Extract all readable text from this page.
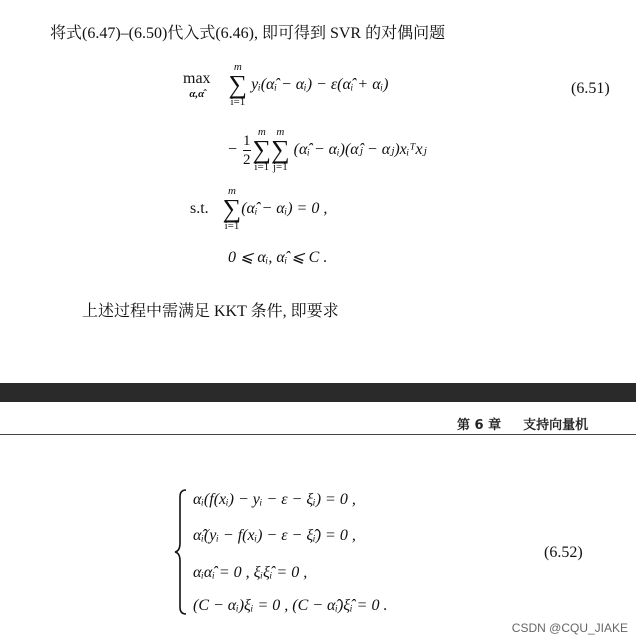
将式(6.47)–(6.50)代入式(6.46), 即可得到 SVR 的对偶问题
max
α,α̂
m
∑
i=1
yᵢ(α̂ᵢ − αᵢ) − ε(α̂ᵢ + αᵢ)	(6.51)
− $\frac{1}{2}$
m
∑
i=1
m
∑
j=1
(α̂ᵢ − αᵢ)(α̂ⱼ − αⱼ)xᵢᵀxⱼ
s.t.
m
∑
i=1
(α̂ᵢ − αᵢ) = 0 ,
0 ⩽ αᵢ, α̂ᵢ ⩽ C .
上述过程中需满足 KKT 条件, 即要求
第 6 章 支持向量机
αᵢ(f(xᵢ) − yᵢ − ε − ξᵢ) = 0 ,
α̂ᵢ(yᵢ − f(xᵢ) − ε − ξ̂ᵢ) = 0 ,
αᵢα̂ᵢ = 0 , ξᵢξ̂ᵢ = 0 ,
(C − αᵢ)ξᵢ = 0 , (C − α̂ᵢ)ξ̂ᵢ = 0 .
(6.52)
CSDN @CQU_JIAKE
